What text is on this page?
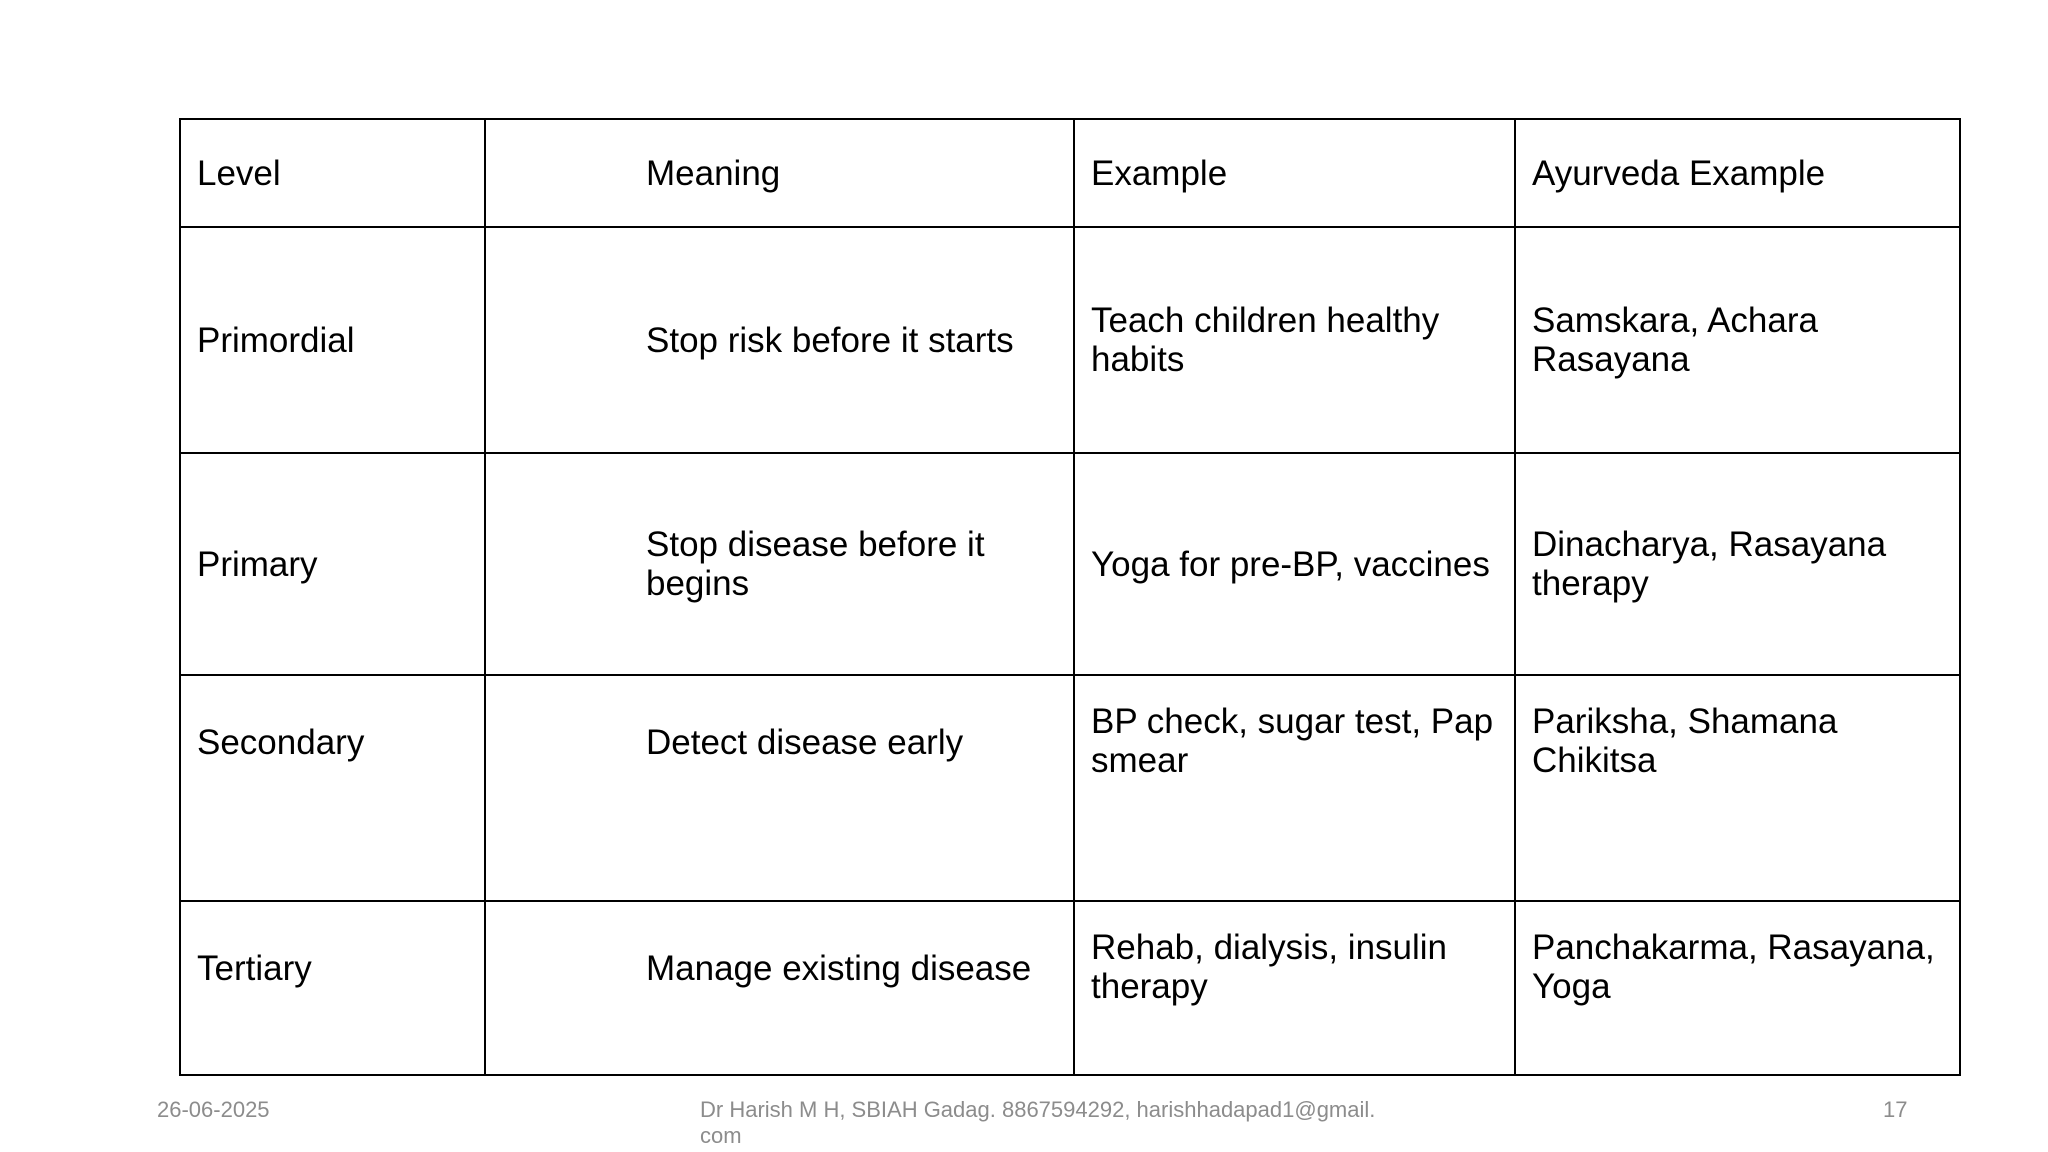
Level	Meaning	Example	Ayurveda Example
Primordial	Stop risk before it starts	Teach children healthy habits	Samskara, Achara Rasayana
Primary	Stop disease before it begins	Yoga for pre-BP, vaccines	Dinacharya, Rasayana therapy
Secondary	Detect disease early	BP check, sugar test, Pap smear	Pariksha, Shamana Chikitsa
Tertiary	Manage existing disease	Rehab, dialysis, insulin therapy	Panchakarma, Rasayana, Yoga
26-06-2025	Dr Harish M H, SBIAH Gadag. 8867594292, harishhadapad1@gmail.com
17
